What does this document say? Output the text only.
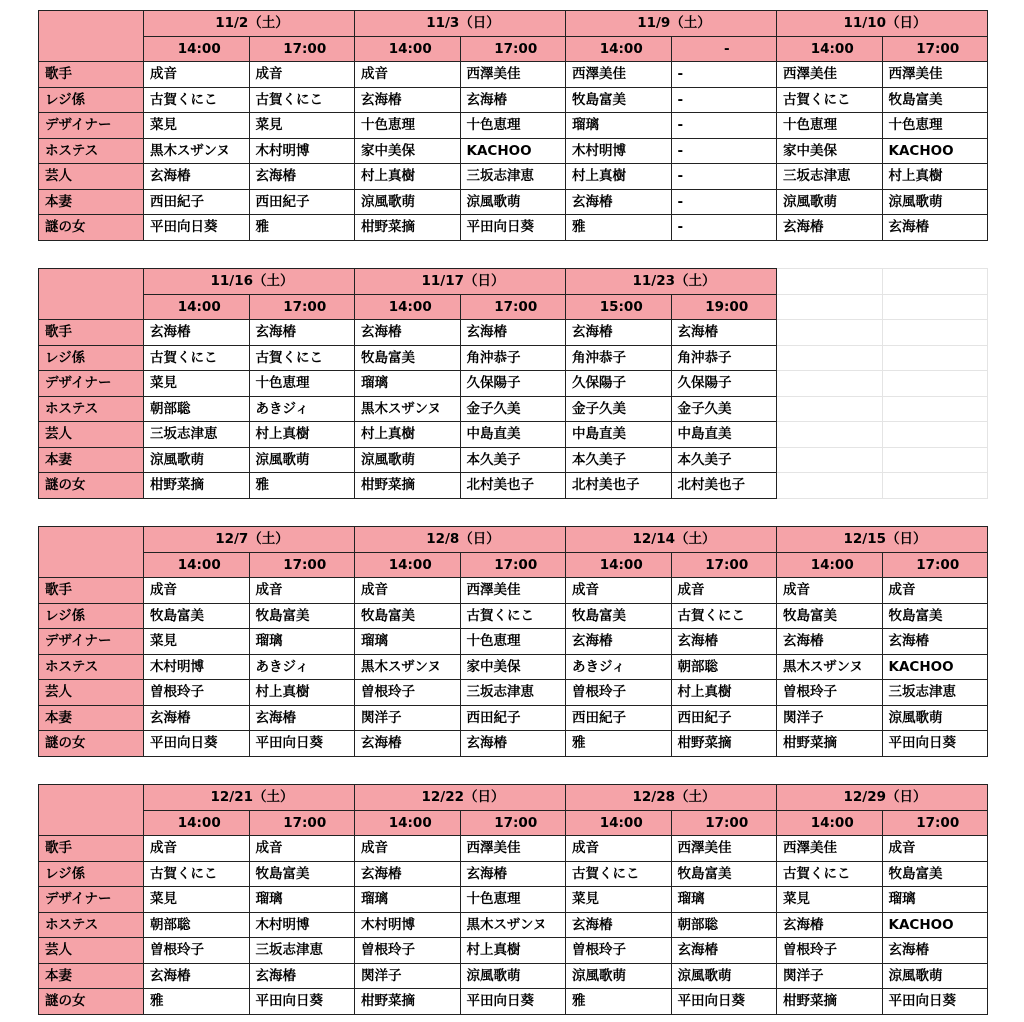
	11/2（土）		11/3（日）		11/9（土）		11/10（日）	
	14:00	17:00	14:00	17:00	14:00	-	14:00	17:00
歌手	成音	成音	成音	西澤美佳	西澤美佳	-	西澤美佳	西澤美佳
レジ係	古賀くにこ	古賀くにこ	玄海椿	玄海椿	牧島富美	-	古賀くにこ	牧島富美
デザイナー	菜見	菜見	十色恵理	十色恵理	瑠璃	-	十色恵理	十色恵理
ホステス	黒木スザンヌ	木村明博	家中美保	KACHOO	木村明博	-	家中美保	KACHOO
芸人	玄海椿	玄海椿	村上真樹	三坂志津恵	村上真樹	-	三坂志津恵	村上真樹
本妻	西田紀子	西田紀子	涼風歌萌	涼風歌萌	玄海椿	-	涼風歌萌	涼風歌萌
謎の女	平田向日葵	雅	柑野菜摘	平田向日葵	雅	-	玄海椿	玄海椿
	11/16（土）		11/17（日）		11/23（土）			
	14:00	17:00	14:00	17:00	15:00	19:00		
歌手	玄海椿	玄海椿	玄海椿	玄海椿	玄海椿	玄海椿		
レジ係	古賀くにこ	古賀くにこ	牧島富美	角沖恭子	角沖恭子	角沖恭子		
デザイナー	菜見	十色恵理	瑠璃	久保陽子	久保陽子	久保陽子		
ホステス	朝部聡	あきジィ	黒木スザンヌ	金子久美	金子久美	金子久美		
芸人	三坂志津恵	村上真樹	村上真樹	中島直美	中島直美	中島直美		
本妻	涼風歌萌	涼風歌萌	涼風歌萌	本久美子	本久美子	本久美子		
謎の女	柑野菜摘	雅	柑野菜摘	北村美也子	北村美也子	北村美也子		
	12/7（土）		12/8（日）		12/14（土）		12/15（日）	
	14:00	17:00	14:00	17:00	14:00	17:00	14:00	17:00
歌手	成音	成音	成音	西澤美佳	成音	成音	成音	成音
レジ係	牧島富美	牧島富美	牧島富美	古賀くにこ	牧島富美	古賀くにこ	牧島富美	牧島富美
デザイナー	菜見	瑠璃	瑠璃	十色恵理	玄海椿	玄海椿	玄海椿	玄海椿
ホステス	木村明博	あきジィ	黒木スザンヌ	家中美保	あきジィ	朝部聡	黒木スザンヌ	KACHOO
芸人	曽根玲子	村上真樹	曽根玲子	三坂志津恵	曽根玲子	村上真樹	曽根玲子	三坂志津恵
本妻	玄海椿	玄海椿	関洋子	西田紀子	西田紀子	西田紀子	関洋子	涼風歌萌
謎の女	平田向日葵	平田向日葵	玄海椿	玄海椿	雅	柑野菜摘	柑野菜摘	平田向日葵
	12/21（土）		12/22（日）		12/28（土）		12/29（日）	
	14:00	17:00	14:00	17:00	14:00	17:00	14:00	17:00
歌手	成音	成音	成音	西澤美佳	成音	西澤美佳	西澤美佳	成音
レジ係	古賀くにこ	牧島富美	玄海椿	玄海椿	古賀くにこ	牧島富美	古賀くにこ	牧島富美
デザイナー	菜見	瑠璃	瑠璃	十色恵理	菜見	瑠璃	菜見	瑠璃
ホステス	朝部聡	木村明博	木村明博	黒木スザンヌ	玄海椿	朝部聡	玄海椿	KACHOO
芸人	曽根玲子	三坂志津恵	曽根玲子	村上真樹	曽根玲子	玄海椿	曽根玲子	玄海椿
本妻	玄海椿	玄海椿	関洋子	涼風歌萌	涼風歌萌	涼風歌萌	関洋子	涼風歌萌
謎の女	雅	平田向日葵	柑野菜摘	平田向日葵	雅	平田向日葵	柑野菜摘	平田向日葵
